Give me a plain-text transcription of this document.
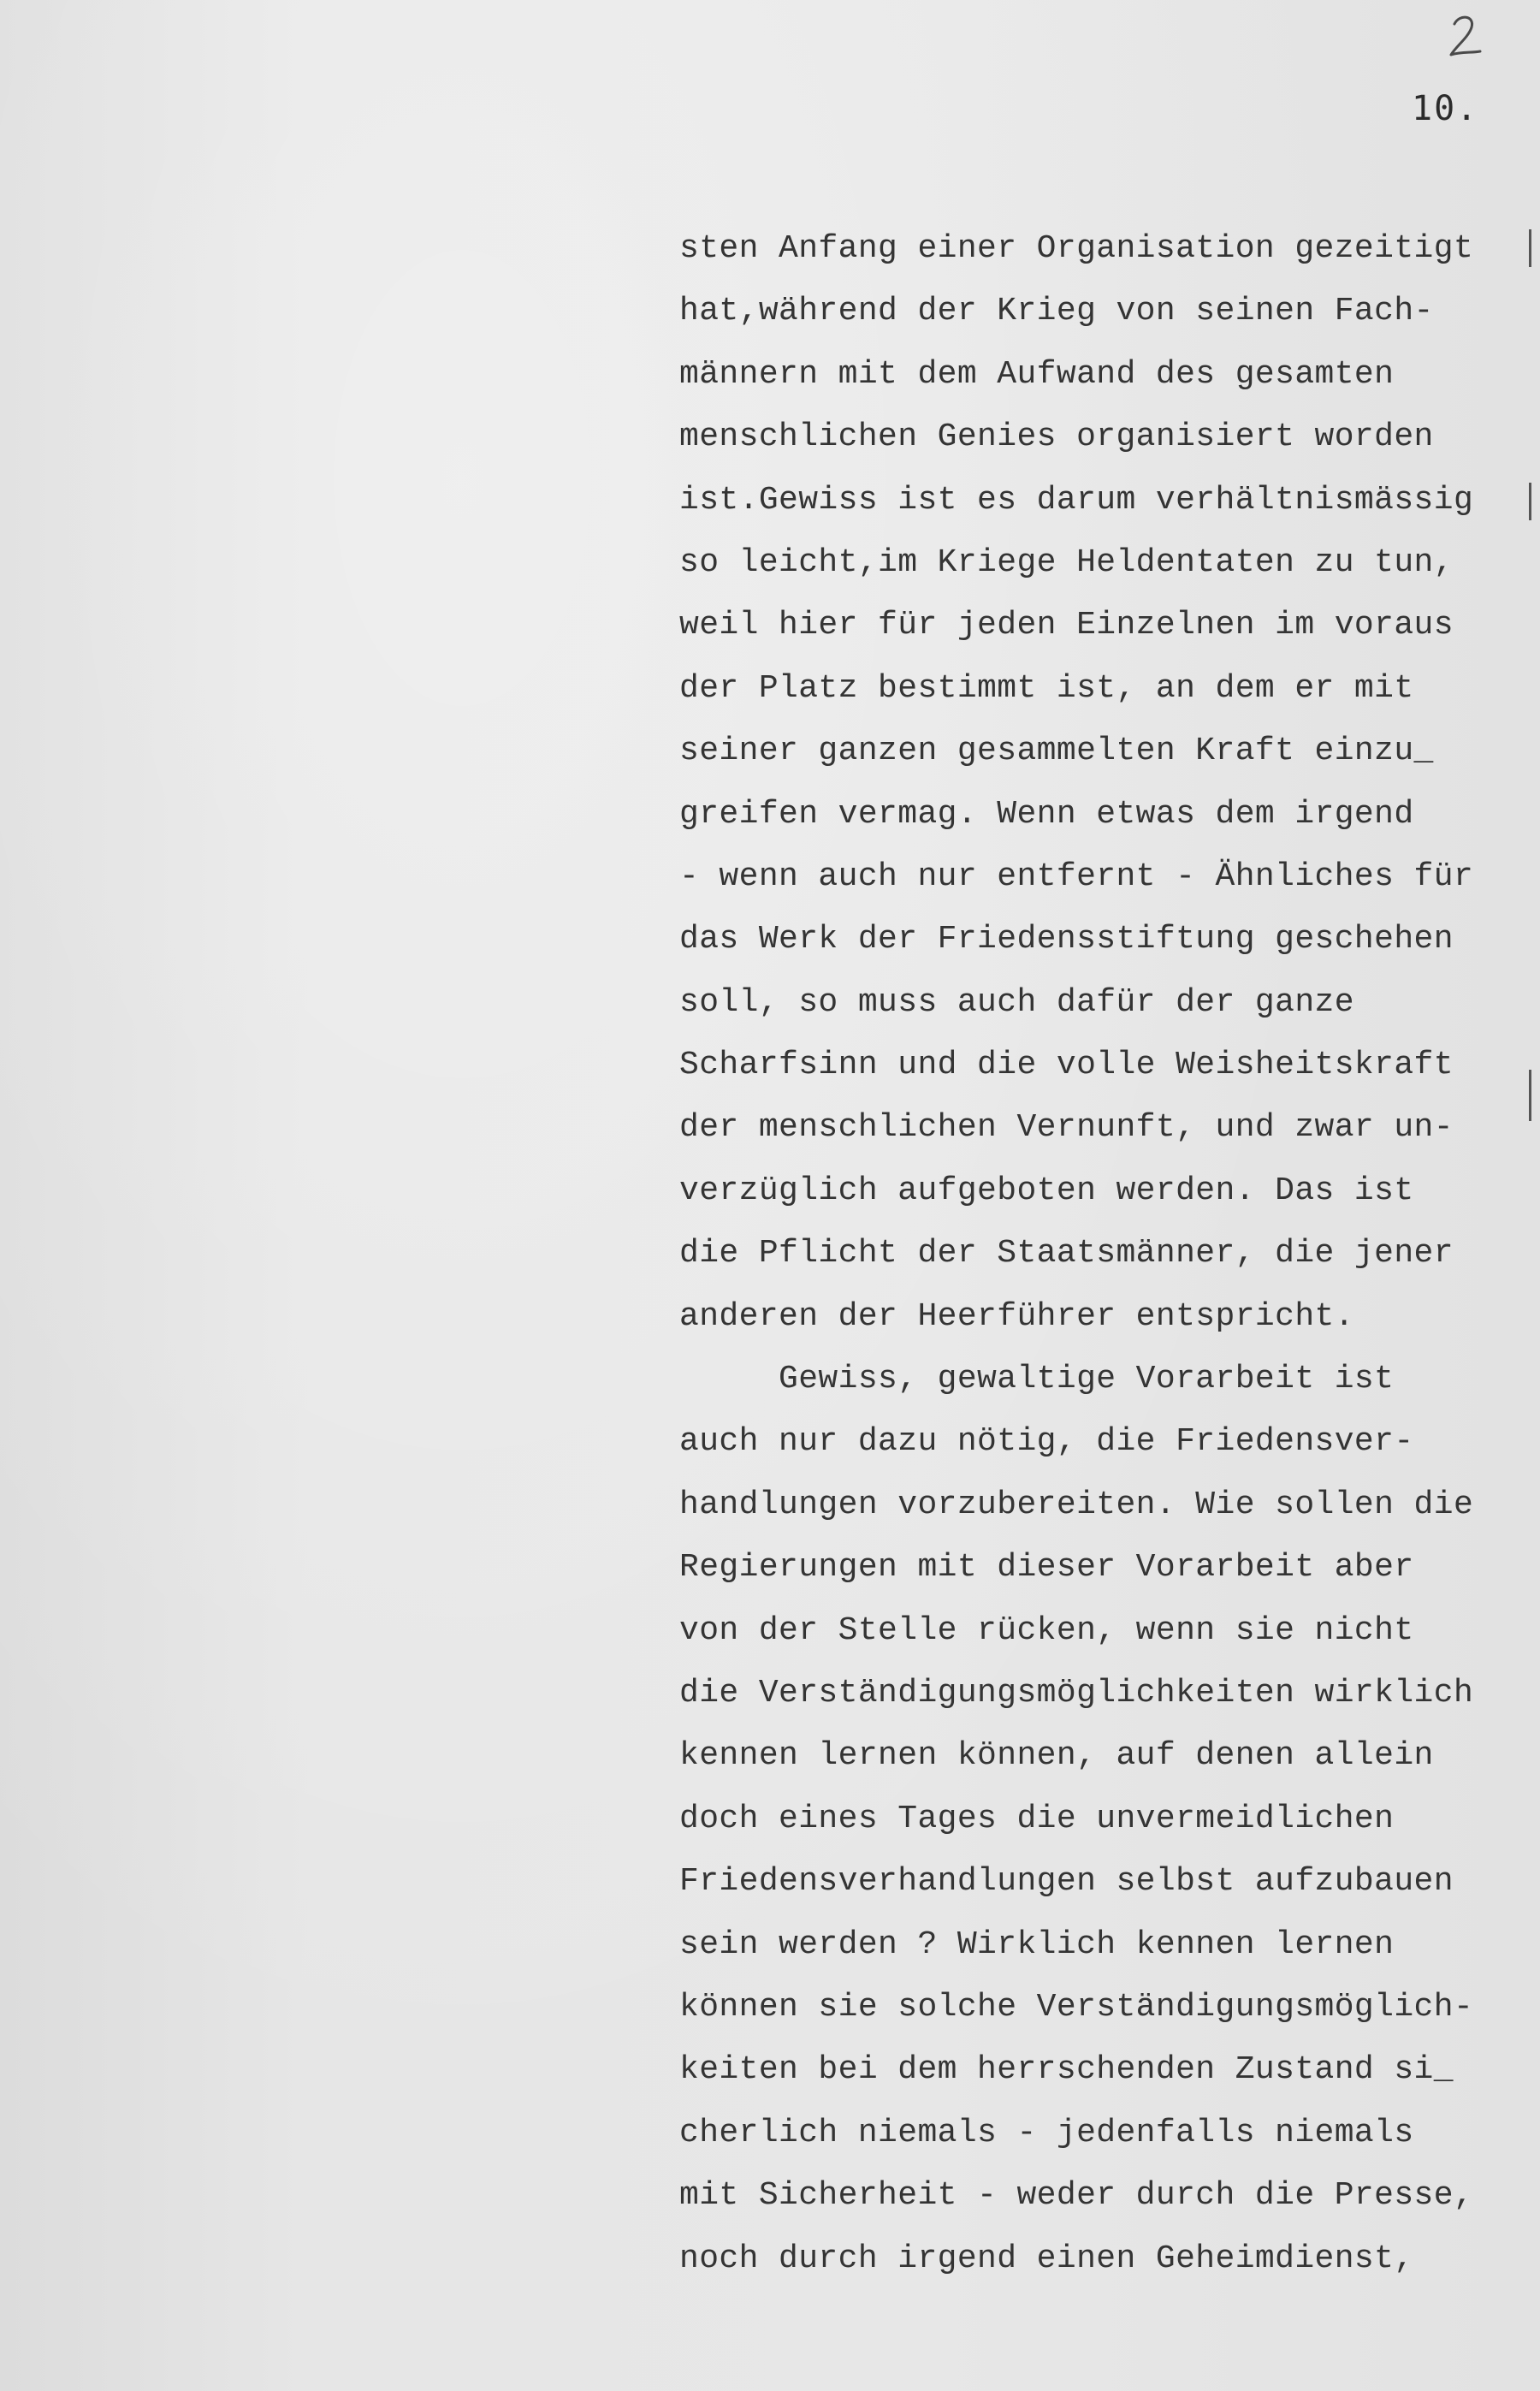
10.
sten Anfang einer Organisation gezeitigt
hat,während der Krieg von seinen Fach-
männern mit dem Aufwand des gesamten
menschlichen Genies organisiert worden
ist.Gewiss ist es darum verhältnismässig
so leicht,im Kriege Heldentaten zu tun,
weil hier für jeden Einzelnen im voraus
der Platz bestimmt ist, an dem er mit
seiner ganzen gesammelten Kraft einzu_
greifen vermag. Wenn etwas dem irgend
- wenn auch nur entfernt - Ähnliches für
das Werk der Friedensstiftung geschehen
soll, so muss auch dafür der ganze
Scharfsinn und die volle Weisheitskraft
der menschlichen Vernunft, und zwar un-
verzüglich aufgeboten werden. Das ist
die Pflicht der Staatsmänner, die jener
anderen der Heerführer entspricht.
Gewiss, gewaltige Vorarbeit ist
auch nur dazu nötig, die Friedensver-
handlungen vorzubereiten. Wie sollen die
Regierungen mit dieser Vorarbeit aber
von der Stelle rücken, wenn sie nicht
die Verständigungsmöglichkeiten wirklich
kennen lernen können, auf denen allein
doch eines Tages die unvermeidlichen
Friedensverhandlungen selbst aufzubauen
sein werden ? Wirklich kennen lernen
können sie solche Verständigungsmöglich-
keiten bei dem herrschenden Zustand si_
cherlich niemals - jedenfalls niemals
mit Sicherheit - weder durch die Presse,
noch durch irgend einen Geheimdienst,
